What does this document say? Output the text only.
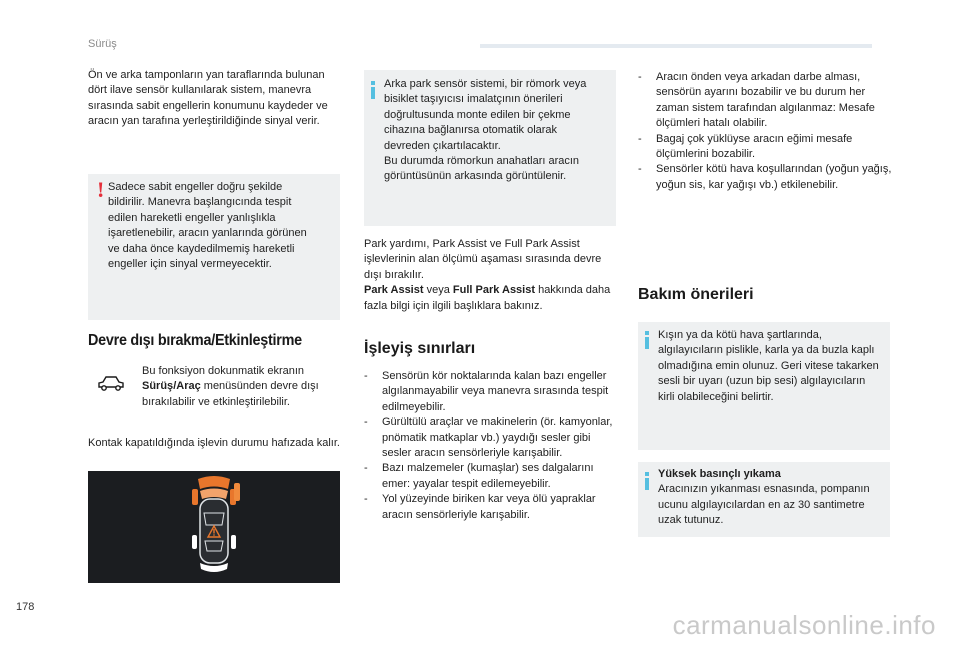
Sürüş
Ön ve arka tamponların yan taraflarında bulunan dört ilave sensör kullanılarak sistem, manevra sırasında sabit engellerin konumunu kaydeder ve aracın yan tarafına yerleştirildiğinde sinyal verir.
! Sadece sabit engeller doğru şekilde bildirilir. Manevra başlangıcında tespit edilen hareketli engeller yanlışlıkla işaretlenebilir, aracın yanlarında görünen ve daha önce kaydedilmemiş hareketli engeller için sinyal vermeyecektir.
Devre dışı bırakma/Etkinleştirme
Bu fonksiyon dokunmatik ekranın Sürüş/Araç menüsünden devre dışı bırakılabilir ve etkinleştirilebilir.
Kontak kapatıldığında işlevin durumu hafızada kalır.
Arka park sensör sistemi, bir römork veya bisiklet taşıyıcısı imalatçının önerileri doğrultusunda monte edilen bir çekme cihazına bağlanırsa otomatik olarak devreden çıkartılacaktır.
Bu durumda römorkun anahatları aracın görüntüsünün arkasında görüntülenir.
Park yardımı, Park Assist ve Full Park Assist işlevlerinin alan ölçümü aşaması sırasında devre dışı bırakılır.
Park Assist veya Full Park Assist hakkında daha fazla bilgi için ilgili başlıklara bakınız.
İşleyiş sınırları
- Sensörün kör noktalarında kalan bazı engeller algılanmayabilir veya manevra sırasında tespit edilmeyebilir.
- Gürültülü araçlar ve makinelerin (ör. kamyonlar, pnömatik matkaplar vb.) yaydığı sesler gibi sesler aracın sensörleriyle karışabilir.
- Bazı malzemeler (kumaşlar) ses dalgalarını emer: yayalar tespit edilemeyebilir.
- Yol yüzeyinde biriken kar veya ölü yapraklar aracın sensörleriyle karışabilir.
- Aracın önden veya arkadan darbe alması, sensörün ayarını bozabilir ve bu durum her zaman sistem tarafından algılanmaz: Mesafe ölçümleri hatalı olabilir.
- Bagaj çok yüklüyse aracın eğimi mesafe ölçümlerini bozabilir.
- Sensörler kötü hava koşullarından (yoğun yağış, yoğun sis, kar yağışı vb.) etkilenebilir.
Bakım önerileri
Kışın ya da kötü hava şartlarında, algılayıcıların pislikle, karla ya da buzla kaplı olmadığına emin olunuz. Geri vitese takarken sesli bir uyarı (uzun bip sesi) algılayıcıların kirli olabileceğini belirtir.
Yüksek basınçlı yıkama
Aracınızın yıkanması esnasında, pompanın ucunu algılayıcılardan en az 30 santimetre uzak tutunuz.
178
carmanualsonline.info
